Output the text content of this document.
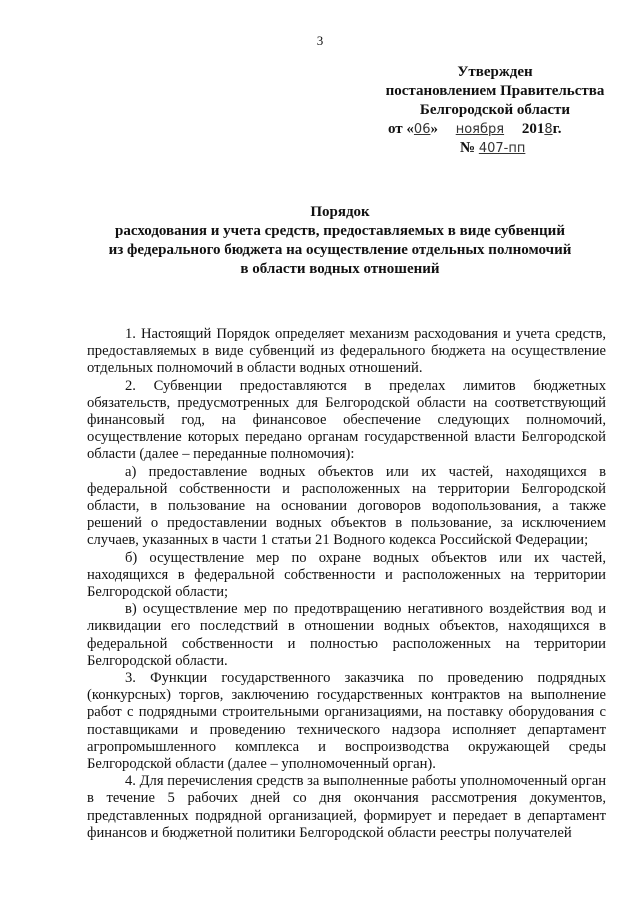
3
Утвержден
постановлением Правительства
Белгородской области
от «06» ноября 2018г.
№ 407-пп
Порядок
расходования и учета средств, предоставляемых в виде субвенций
из федерального бюджета на осуществление отдельных полномочий
в области водных отношений

1. Настоящий Порядок определяет механизм расходования и учета средств, предоставляемых в виде субвенций из федерального бюджета на осуществление отдельных полномочий в области водных отношений.

2. Субвенции предоставляются в пределах лимитов бюджетных обязательств, предусмотренных для Белгородской области на соответствующий финансовый год, на финансовое обеспечение следующих полномочий, осуществление которых передано органам государственной власти Белгородской области (далее – переданные полномочия):

а) предоставление водных объектов или их частей, находящихся в федеральной собственности и расположенных на территории Белгородской области, в пользование на основании договоров водопользования, а также решений о предоставлении водных объектов в пользование, за исключением случаев, указанных в части 1 статьи 21 Водного кодекса Российской Федерации;

б) осуществление мер по охране водных объектов или их частей, находящихся в федеральной собственности и расположенных на территории Белгородской области;

в) осуществление мер по предотвращению негативного воздействия вод и ликвидации его последствий в отношении водных объектов, находящихся в федеральной собственности и полностью расположенных на территории Белгородской области.

3. Функции государственного заказчика по проведению подрядных (конкурсных) торгов, заключению государственных контрактов на выполнение работ с подрядными строительными организациями, на поставку оборудования с поставщиками и проведению технического надзора исполняет департамент агропромышленного комплекса и воспроизводства окружающей среды Белгородской области (далее – уполномоченный орган).

4. Для перечисления средств за выполненные работы уполномоченный орган в течение 5 рабочих дней со дня окончания рассмотрения документов, представленных подрядной организацией, формирует и передает в департамент финансов и бюджетной политики Белгородской области реестры получателей
